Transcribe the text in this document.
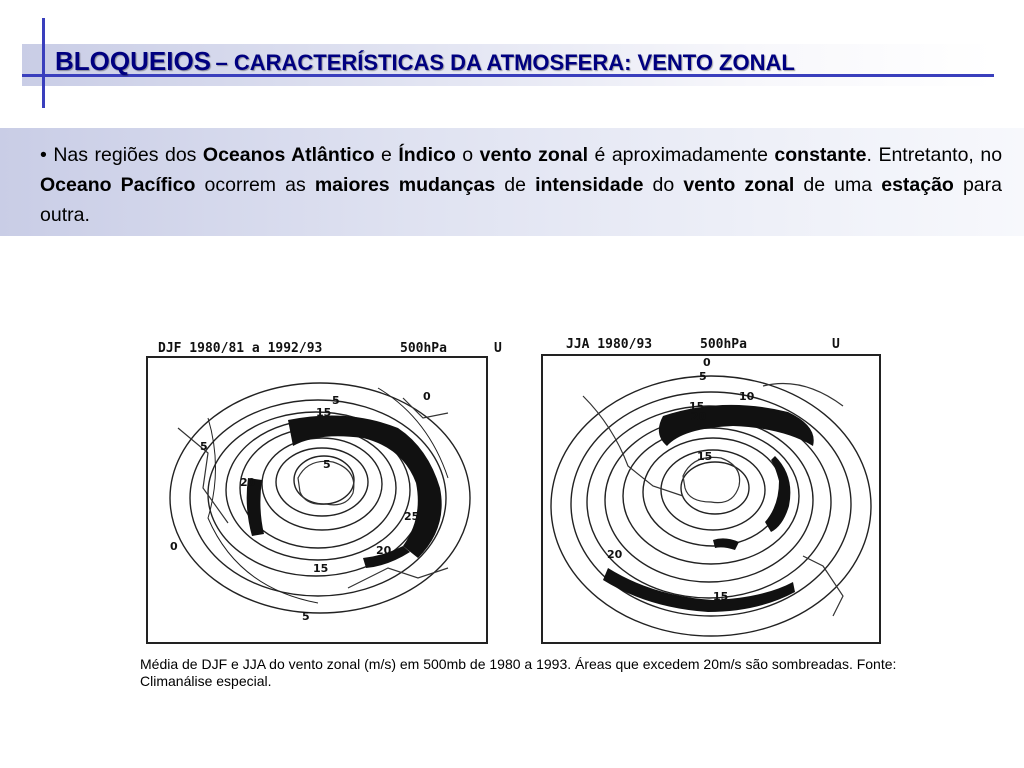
BLOQUEIOS – CARACTERÍSTICAS DA ATMOSFERA: VENTO ZONAL
• Nas regiões dos Oceanos Atlântico e Índico o vento zonal é aproximadamente constante. Entretanto, no Oceano Pacífico ocorrem as maiores mudanças de intensidade do vento zonal de uma estação para outra.
DJF 1980/81 a 1992/93	500hPa	U
0
5
15
5
20
25
20
15
5
0
5
JJA 1980/93	500hPa	U
0
5
10
15
20
15
20
15
Média de DJF e JJA do vento zonal (m/s) em 500mb de 1980 a 1993. Áreas que excedem 20m/s são sombreadas. Fonte: Climanálise especial.
